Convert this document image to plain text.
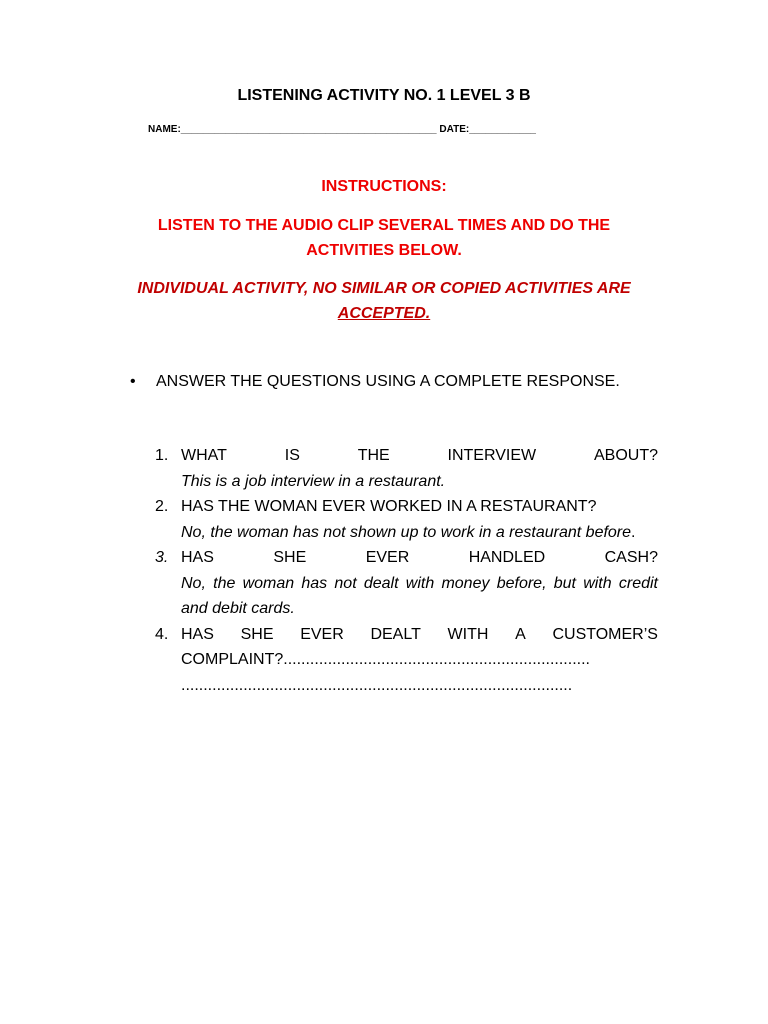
LISTENING ACTIVITY NO. 1 LEVEL 3 B
NAME:______________________________________________ DATE:____________
INSTRUCTIONS:
LISTEN TO THE AUDIO CLIP SEVERAL TIMES AND DO THE ACTIVITIES BELOW.
INDIVIDUAL ACTIVITY, NO SIMILAR OR COPIED ACTIVITIES ARE
ACCEPTED.
• ANSWER THE QUESTIONS USING A COMPLETE RESPONSE.
1. WHAT	IS	THE	INTERVIEW	ABOUT?
This is a job interview in a restaurant.
2. HAS THE WOMAN EVER WORKED IN A RESTAURANT?
No, the woman has not shown up to work in a restaurant before.
3. HAS	SHE	EVER	HANDLED	CASH?
No, the woman has not dealt with money before, but with credit and debit cards.
4. HAS SHE EVER DEALT WITH A CUSTOMER’S
COMPLAINT?.....................................................................
........................................................................................
